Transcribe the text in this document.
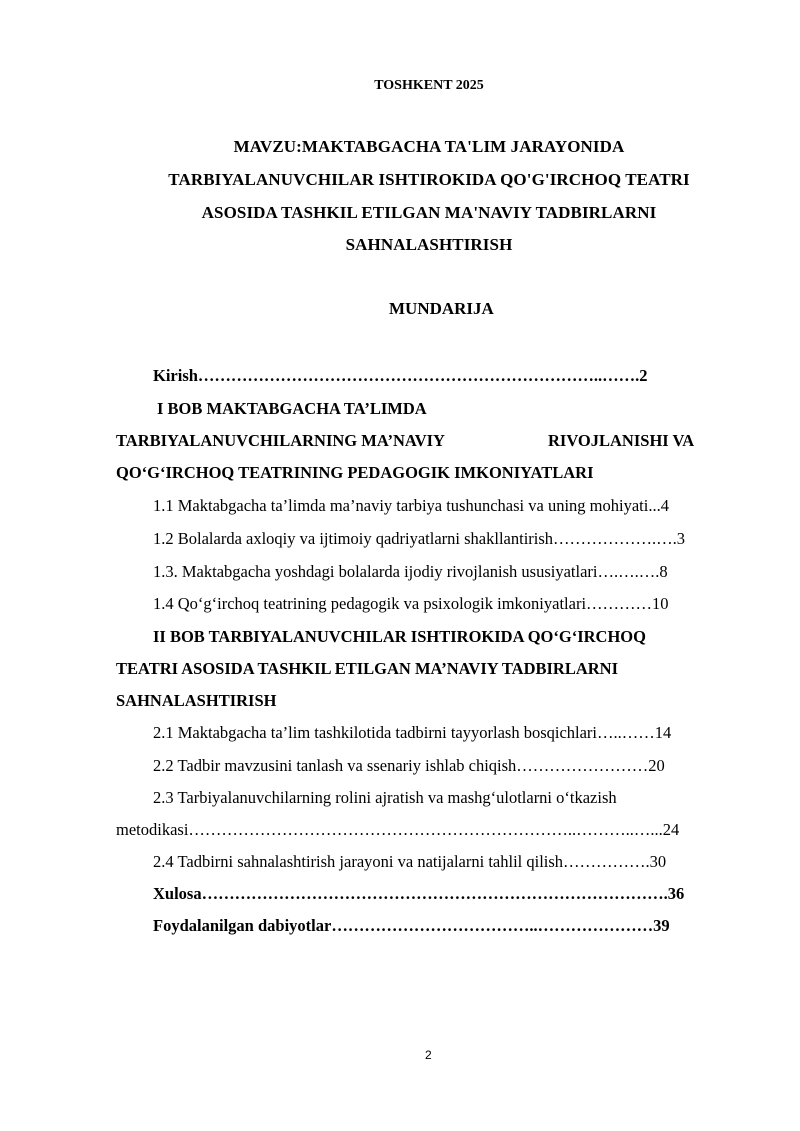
TOSHKENT 2025
MAVZU:MAKTABGACHA TA'LIM JARAYONIDA
TARBIYALANUVCHILAR ISHTIROKIDA QO'G'IRCHOQ TEATRI
ASOSIDA TASHKIL ETILGAN MA'NAVIY TADBIRLARNI
SAHNALASHTIRISH
MUNDARIJA
Kirish………………………………………………………………..…….2
I BOB MAKTABGACHA TA’LIMDA
TARBIYALANUVCHILARNING MA’NAVIY	RIVOJLANISHI VA
QO‘G‘IRCHOQ TEATRINING PEDAGOGIK IMKONIYATLARI
1.1 Maktabgacha ta’limda ma’naviy tarbiya tushunchasi va uning mohiyati...4
1.2 Bolalarda axloqiy va ijtimoiy qadriyatlarni shakllantirish……………….….3
1.3. Maktabgacha yoshdagi bolalarda ijodiy rivojlanish ususiyatlari….….….8
1.4 Qo‘g‘irchoq teatrining pedagogik va psixologik imkoniyatlari…………10
II BOB TARBIYALANUVCHILAR ISHTIROKIDA QO‘G‘IRCHOQ
TEATRI ASOSIDA TASHKIL ETILGAN MA’NAVIY TADBIRLARNI
SAHNALASHTIRISH
2.1 Maktabgacha ta’lim tashkilotida tadbirni tayyorlash bosqichlari…..……14
2.2 Tadbir mavzusini tanlash va ssenariy ishlab chiqish……………………20
2.3 Tarbiyalanuvchilarning rolini ajratish va mashg‘ulotlarni o‘tkazish
metodikasi……………………………………………………………..………..…...24
2.4 Tadbirni sahnalashtirish jarayoni va natijalarni tahlil qilish…………….30
Xulosa………………………………………………………………………….36
Foydalanilgan dabiyotlar………………………………..…………………39
2
